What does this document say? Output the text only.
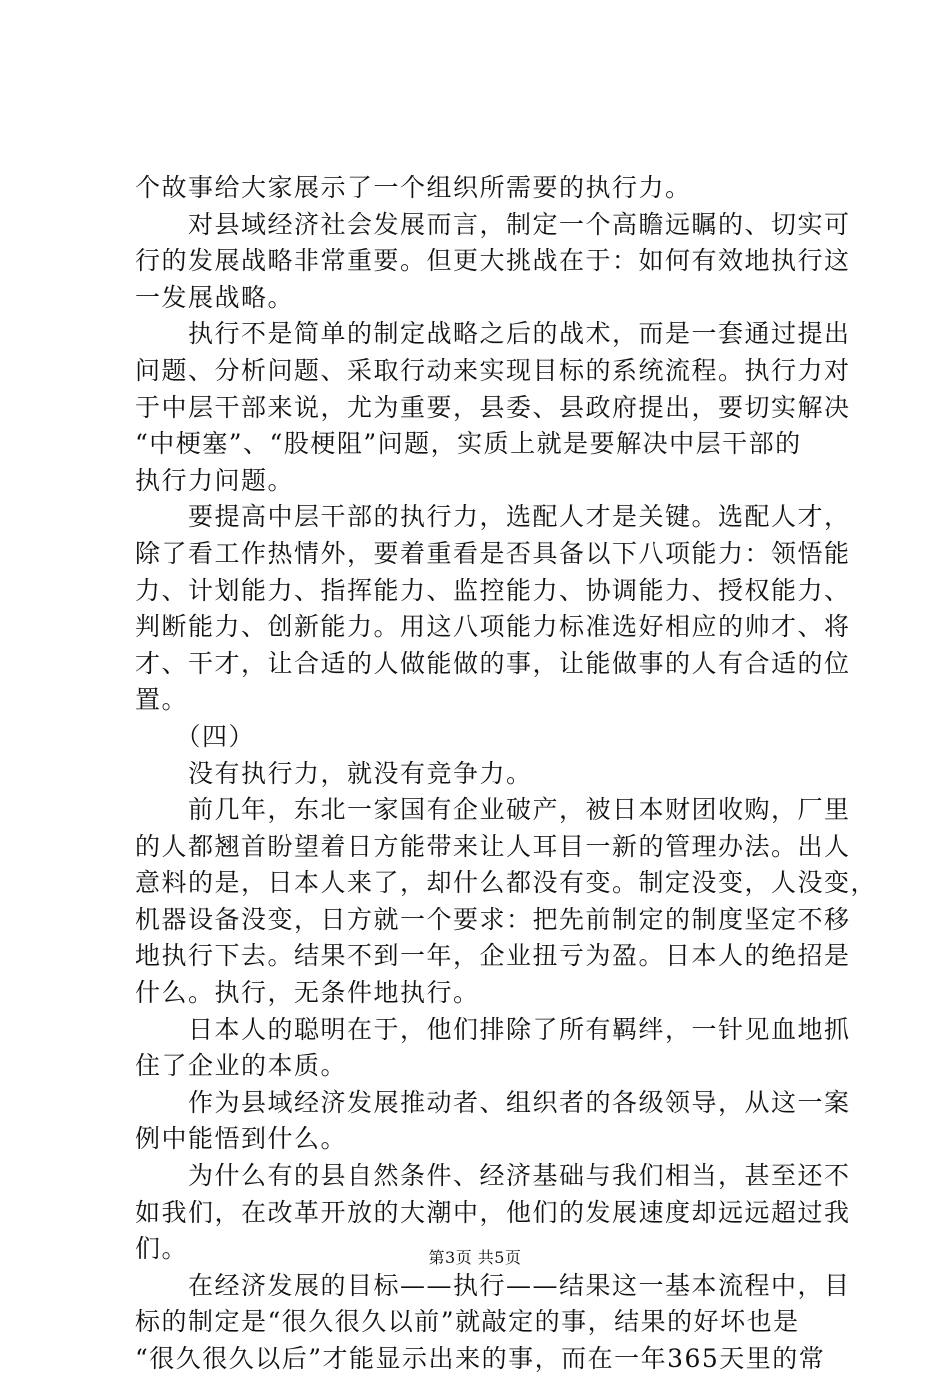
个故事给大家展示了一个组织所需要的执行力。
　　对县域经济社会发展而言，制定一个高瞻远瞩的、切实可
行的发展战略非常重要。但更大挑战在于：如何有效地执行这
一发展战略。
　　执行不是简单的制定战略之后的战术，而是一套通过提出
问题、分析问题、采取行动来实现目标的系统流程。执行力对
于中层干部来说，尤为重要，县委、县政府提出，要切实解决
“中梗塞”、“股梗阻”问题，实质上就是要解决中层干部的
执行力问题。
　　要提高中层干部的执行力，选配人才是关键。选配人才，
除了看工作热情外，要着重看是否具备以下八项能力：领悟能
力、计划能力、指挥能力、监控能力、协调能力、授权能力、
判断能力、创新能力。用这八项能力标准选好相应的帅才、将
才、干才，让合适的人做能做的事，让能做事的人有合适的位
置。
　　（四）
　　没有执行力，就没有竞争力。
　　前几年，东北一家国有企业破产，被日本财团收购，厂里
的人都翘首盼望着日方能带来让人耳目一新的管理办法。出人
意料的是，日本人来了，却什么都没有变。制定没变，人没变，
机器设备没变，日方就一个要求：把先前制定的制度坚定不移
地执行下去。结果不到一年，企业扭亏为盈。日本人的绝招是
什么。执行，无条件地执行。
　　日本人的聪明在于，他们排除了所有羁绊，一针见血地抓
住了企业的本质。
　　作为县域经济发展推动者、组织者的各级领导，从这一案
例中能悟到什么。
　　为什么有的县自然条件、经济基础与我们相当，甚至还不
如我们，在改革开放的大潮中，他们的发展速度却远远超过我
们。
　　在经济发展的目标——执行——结果这一基本流程中，目
标的制定是“很久很久以前”就敲定的事，结果的好坏也是
“很久很久以后”才能显示出来的事，而在一年365天里的常
第3页 共5页
